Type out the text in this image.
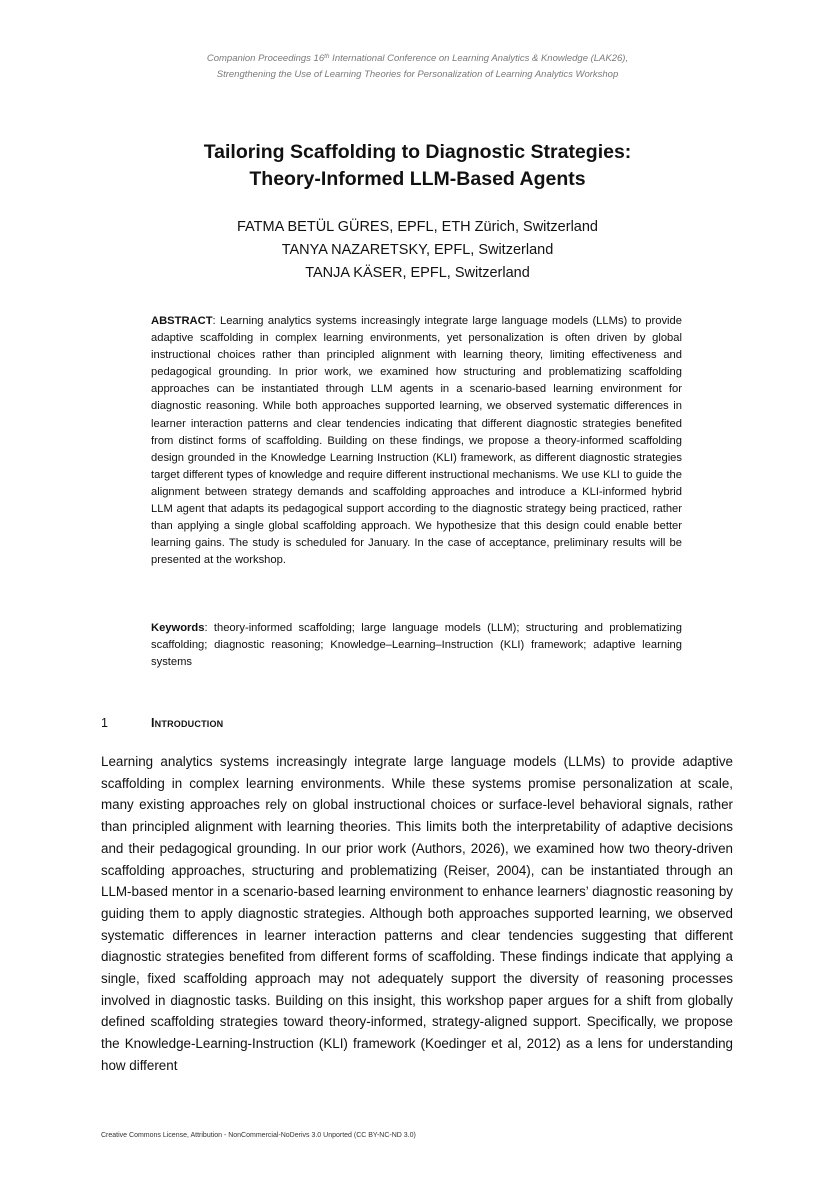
Companion Proceedings 16th International Conference on Learning Analytics & Knowledge (LAK26),
Strengthening the Use of Learning Theories for Personalization of Learning Analytics Workshop
Tailoring Scaffolding to Diagnostic Strategies:
Theory-Informed LLM-Based Agents
FATMA BETÜL GÜRES, EPFL, ETH Zürich, Switzerland
TANYA NAZARETSKY, EPFL, Switzerland
TANJA KÄSER, EPFL, Switzerland
ABSTRACT: Learning analytics systems increasingly integrate large language models (LLMs) to provide adaptive scaffolding in complex learning environments, yet personalization is often driven by global instructional choices rather than principled alignment with learning theory, limiting effectiveness and pedagogical grounding. In prior work, we examined how structuring and problematizing scaffolding approaches can be instantiated through LLM agents in a scenario-based learning environment for diagnostic reasoning. While both approaches supported learning, we observed systematic differences in learner interaction patterns and clear tendencies indicating that different diagnostic strategies benefited from distinct forms of scaffolding. Building on these findings, we propose a theory-informed scaffolding design grounded in the Knowledge Learning Instruction (KLI) framework, as different diagnostic strategies target different types of knowledge and require different instructional mechanisms. We use KLI to guide the alignment between strategy demands and scaffolding approaches and introduce a KLI-informed hybrid LLM agent that adapts its pedagogical support according to the diagnostic strategy being practiced, rather than applying a single global scaffolding approach. We hypothesize that this design could enable better learning gains. The study is scheduled for January. In the case of acceptance, preliminary results will be presented at the workshop.
Keywords: theory-informed scaffolding; large language models (LLM); structuring and problematizing scaffolding; diagnostic reasoning; Knowledge–Learning–Instruction (KLI) framework; adaptive learning systems
1	Introduction
Learning analytics systems increasingly integrate large language models (LLMs) to provide adaptive scaffolding in complex learning environments. While these systems promise personalization at scale, many existing approaches rely on global instructional choices or surface-level behavioral signals, rather than principled alignment with learning theories. This limits both the interpretability of adaptive decisions and their pedagogical grounding. In our prior work (Authors, 2026), we examined how two theory-driven scaffolding approaches, structuring and problematizing (Reiser, 2004), can be instantiated through an LLM-based mentor in a scenario-based learning environment to enhance learners’ diagnostic reasoning by guiding them to apply diagnostic strategies. Although both approaches supported learning, we observed systematic differences in learner interaction patterns and clear tendencies suggesting that different diagnostic strategies benefited from different forms of scaffolding. These findings indicate that applying a single, fixed scaffolding approach may not adequately support the diversity of reasoning processes involved in diagnostic tasks. Building on this insight, this workshop paper argues for a shift from globally defined scaffolding strategies toward theory-informed, strategy-aligned support. Specifically, we propose the Knowledge-Learning-Instruction (KLI) framework (Koedinger et al, 2012) as a lens for understanding how different
Creative Commons License, Attribution - NonCommercial-NoDerivs 3.0 Unported (CC BY-NC-ND 3.0)
